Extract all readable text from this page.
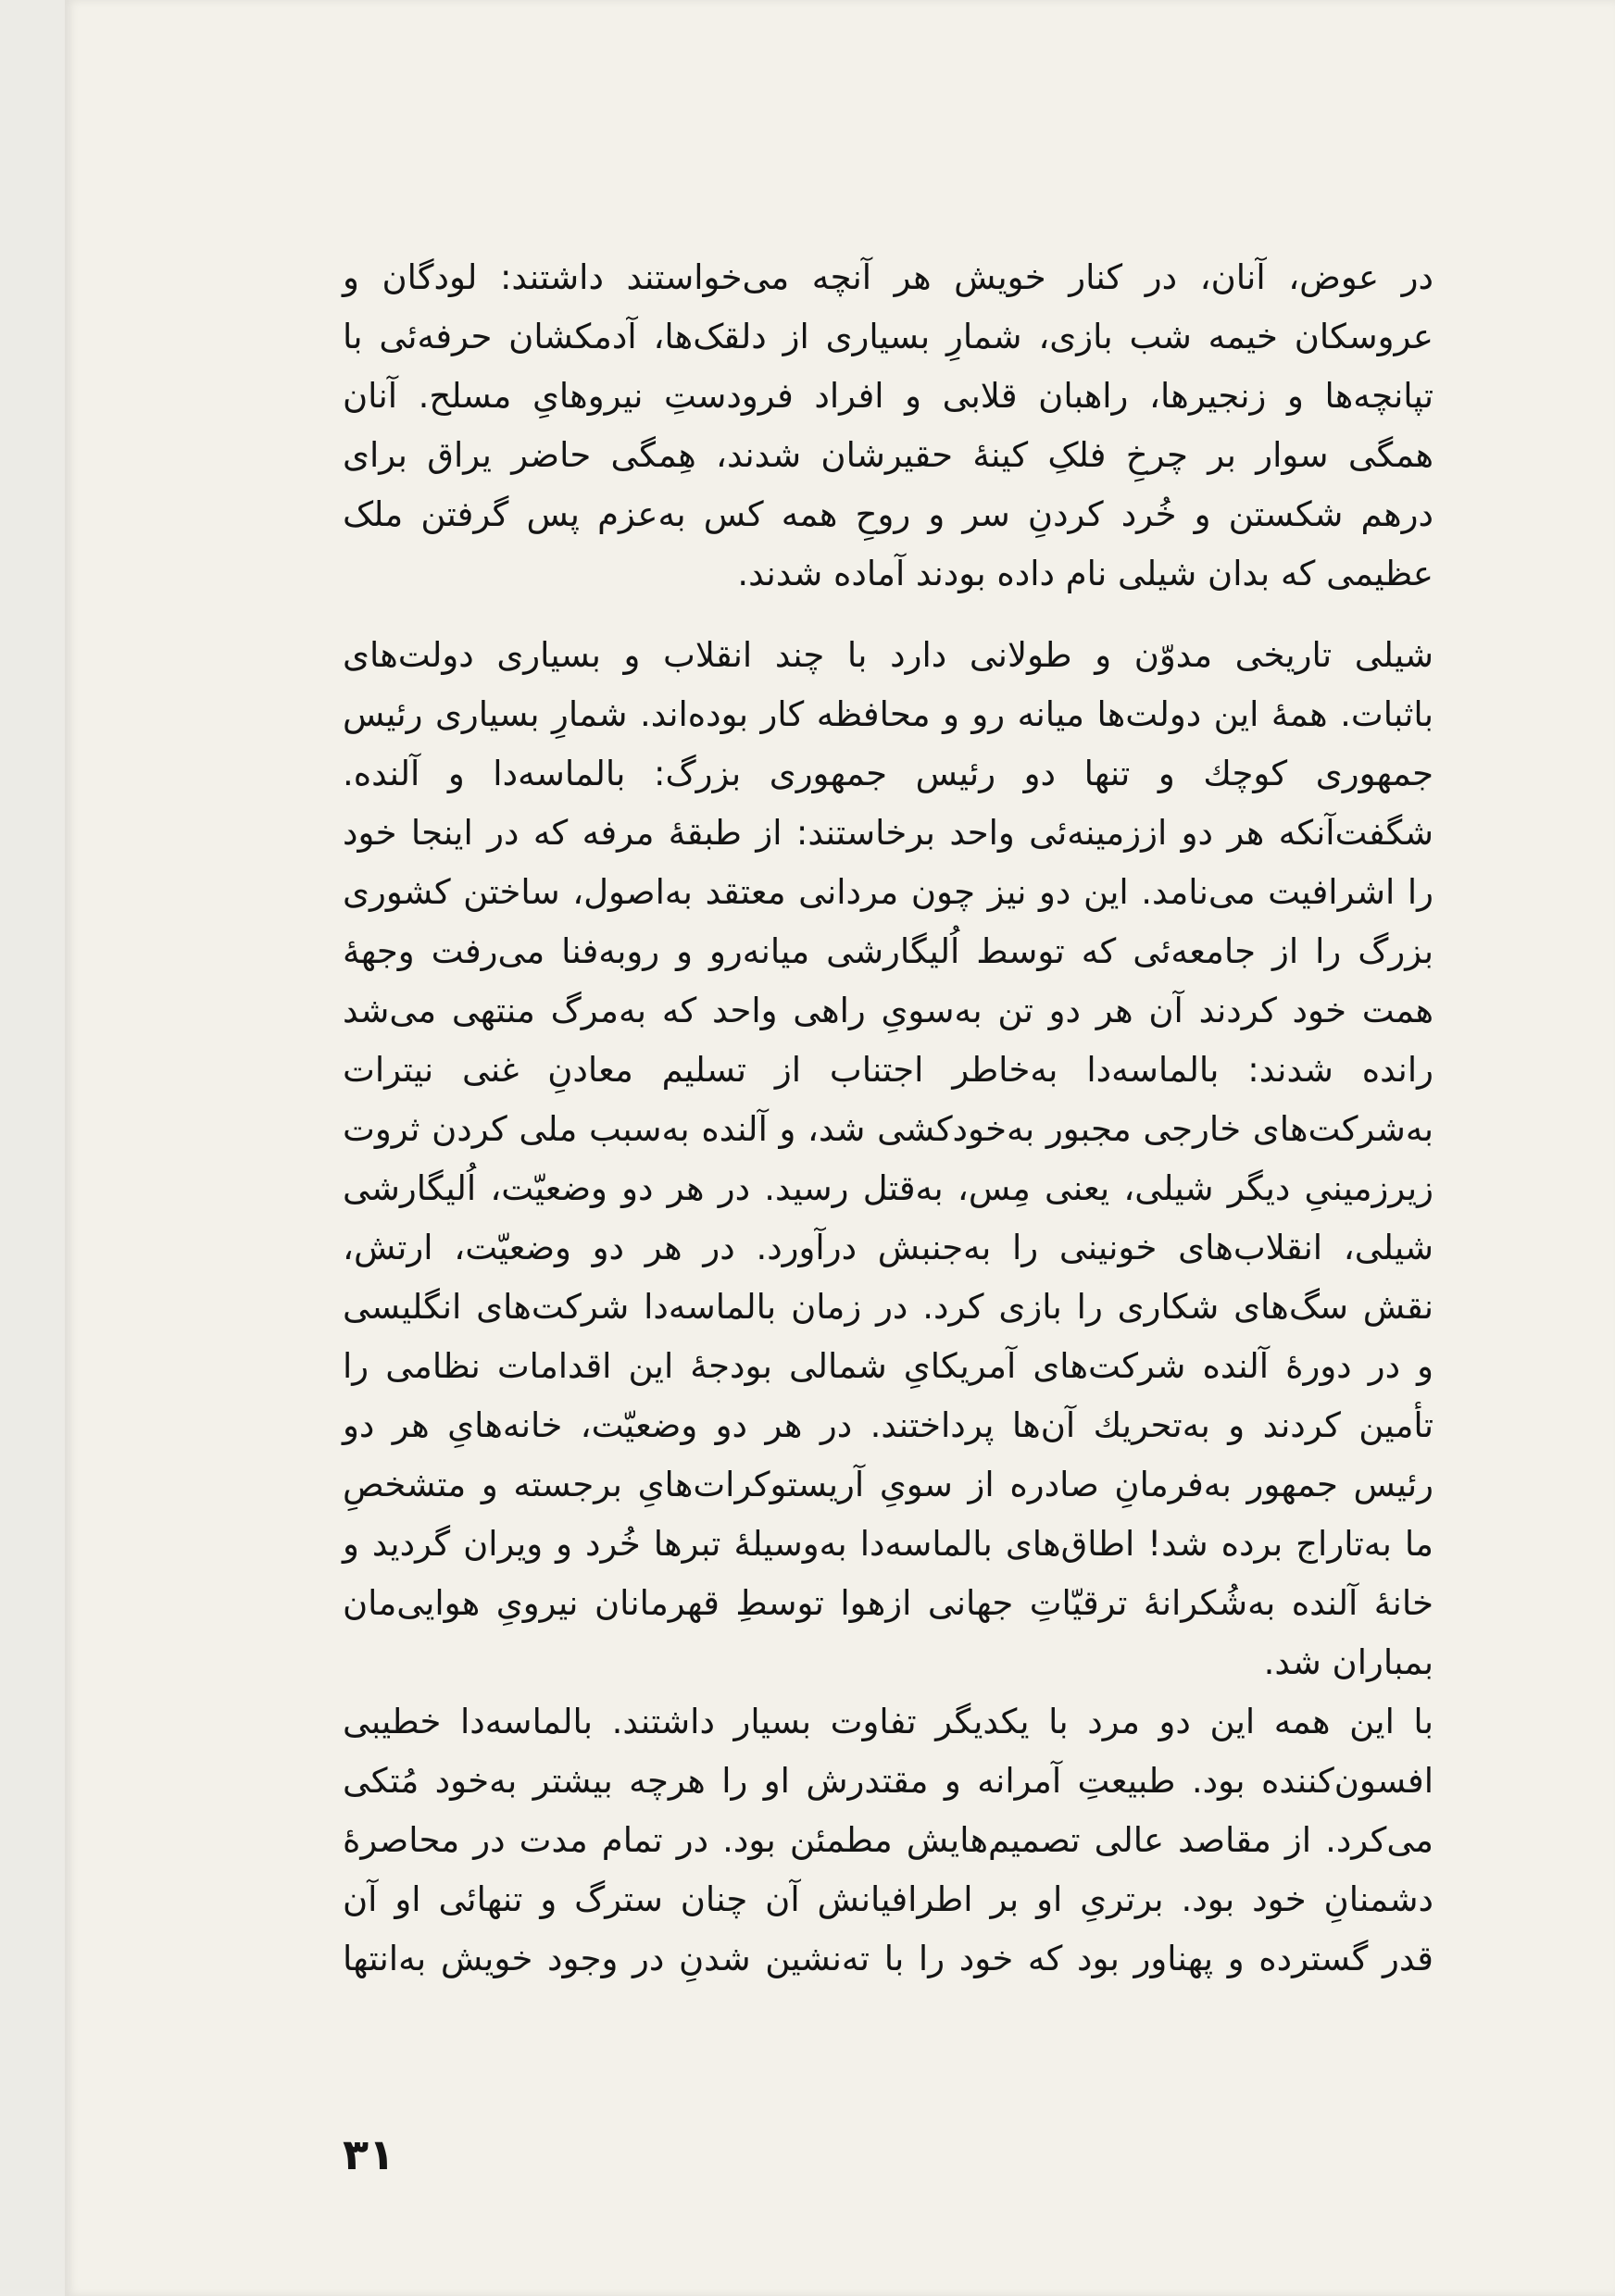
در عوض، آنان، در کنار خویش هر آنچه می‌خواستند داشتند: لودگان و
عروسکان خیمه شب بازی، شمارِ بسیاری از دلقک‌ها، آدمکشان حرفه‌ئی با
تپانچه‌ها و زنجیرها، راهبان قلابی و افراد فرودستِ نیروهایِ مسلح. آنان
همگی سوار بر چرخِ فلکِ کینهٔ حقیرشان شدند، هِمگی حاضر یراق برای
درهم شکستن و خُرد کردنِ سر و روحِ همه کس به‌عزم پس گرفتن ملک
عظیمی که بدان شیلی نام داده بودند آماده شدند.
شیلی تاریخی مدوّن و طولانی دارد با چند انقلاب و بسیاری دولت‌های
باثبات. همهٔ این دولت‌ها میانه رو و محافظه کار بوده‌اند. شمارِ بسیاری رئیس
جمهوری کوچك و تنها دو رئیس جمهوری بزرگ: بالماسه‌دا و آلنده.
شگفت‌آنکه هر دو اززمینه‌ئی واحد برخاستند: از طبقهٔ مرفه که در اینجا خود
را اشرافیت می‌نامد. این دو نیز چون مردانی معتقد به‌اصول، ساختن کشوری
بزرگ را از جامعه‌ئی که توسط اُلیگارشی میانه‌رو و روبه‌فنا می‌رفت وجههٔ
همت خود کردند آن هر دو تن به‌سویِ راهی واحد که به‌مرگ منتهی می‌شد
رانده شدند: بالماسه‌دا به‌خاطر اجتناب از تسلیم معادنِ غنی نیترات
به‌شرکت‌های خارجی مجبور به‌خودکشی شد، و آلنده به‌سبب ملی کردن ثروت
زیرزمینیِ دیگر شیلی، یعنی مِس، به‌قتل رسید. در هر دو وضعیّت، اُلیگارشی
شیلی، انقلاب‌های خونینی را به‌جنبش درآورد. در هر دو وضعیّت، ارتش،
نقش سگ‌های شکاری را بازی کرد. در زمان بالماسه‌دا شرکت‌های انگلیسی
و در دورهٔ آلنده شرکت‌های آمریکایِ شمالی بودجهٔ این اقدامات نظامی را
تأمین کردند و به‌تحریك آن‌ها پرداختند. در هر دو وضعیّت، خانه‌هایِ هر دو
رئیس جمهور به‌فرمانِ صادره از سویِ آریستوکرات‌هایِ برجسته و متشخصِ
ما به‌تاراج برده شد! اطاق‌های بالماسه‌دا به‌وسیلهٔ تبرها خُرد و ویران گردید و
خانهٔ آلنده به‌شُکرانهٔ ترقیّاتِ جهانی ازهوا توسطِ قهرمانان نیرویِ هوایی‌مان
بمباران شد.
با این همه این دو مرد با یکدیگر تفاوت بسیار داشتند. بالماسه‌دا خطیبی
افسون‌کننده بود. طبیعتِ آمرانه و مقتدرش او را هرچه بیشتر به‌خود مُتکی
می‌کرد. از مقاصد عالی تصمیم‌هایش مطمئن بود. در تمام مدت در محاصرهٔ
دشمنانِ خود بود. برتریِ او بر اطرافیانش آن چنان سترگ و تنهائی او آن
قدر گسترده و پهناور بود که خود را با ته‌نشین شدنِ در وجود خویش به‌انتها
۳۱
